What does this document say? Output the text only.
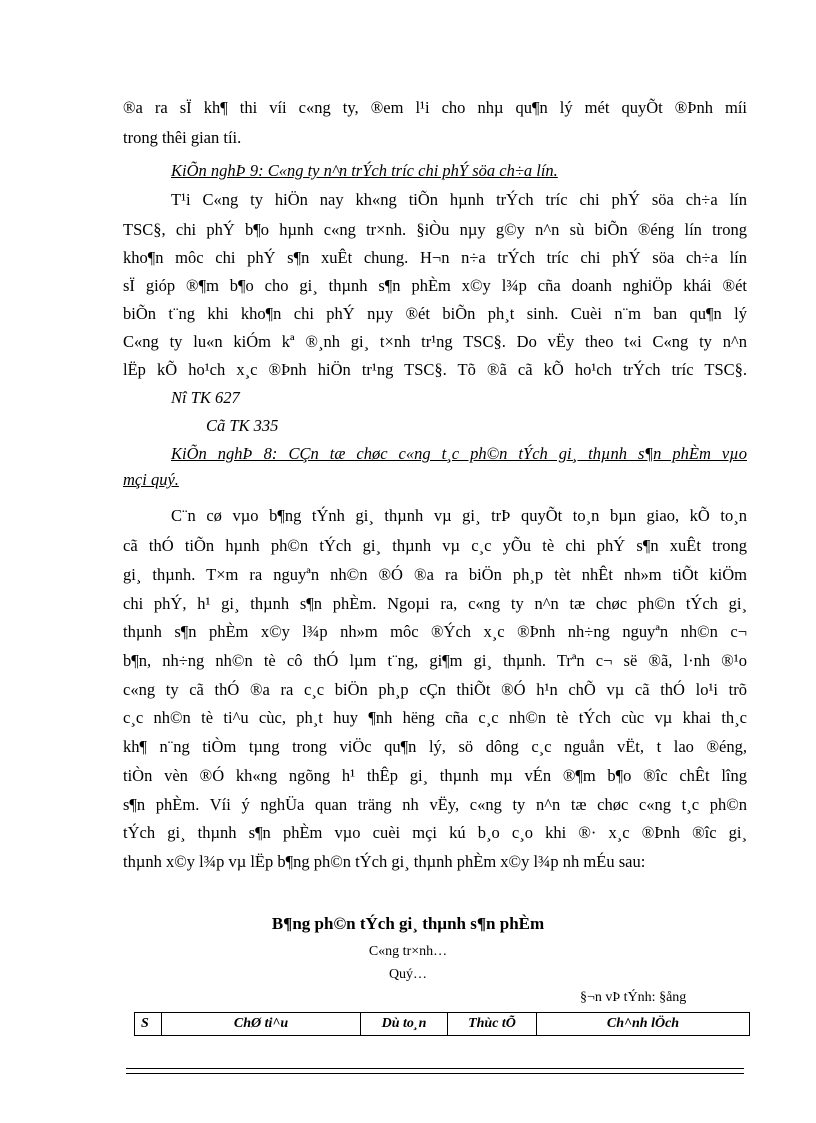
®a ra sÏ kh¶ thi víi c«ng ty, ®em l¹i cho nhµ qu¶n lý mét quyÕt ®Þnh míi
trong thêi gian tíi.
KiÕn nghÞ 9: C«ng ty n^n trÝch tríc chi phÝ söa ch÷a lín.
T¹i C«ng ty hiÖn nay kh«ng tiÕn hµnh trÝch tríc chi phÝ söa ch÷a lín
TSC§, chi phÝ b¶o hµnh c«ng tr×nh. §iÒu nµy g©y n^n sù biÕn ®éng lín trong
kho¶n môc chi phÝ s¶n xuÊt chung. H¬n n÷a trÝch tríc chi phÝ söa ch÷a lín
sÏ gióp ®¶m b¶o cho gi¸ thµnh s¶n phÈm x©y l¾p cña doanh nghiÖp khái ®ét
biÕn t¨ng khi kho¶n chi phÝ nµy ®ét biÕn ph¸t sinh. Cuèi n¨m ban qu¶n lý
C«ng ty lu«n kiÓm kª ®¸nh gi¸ t×nh tr¹ng TSC§. Do vËy theo t«i C«ng ty n^n
lËp kÕ ho¹ch x¸c ®Þnh hiÖn tr¹ng TSC§. Tõ ®ã cã kÕ ho¹ch trÝch tríc TSC§.
Nî TK 627
Cã TK 335
KiÕn nghÞ 8: CÇn tæ chøc c«ng t¸c ph©n tÝch gi¸ thµnh s¶n phÈm vµo
mçi quý.
C¨n cø vµo b¶ng tÝnh gi¸ thµnh vµ gi¸ trÞ quyÕt to¸n bµn giao, kÕ to¸n
cã thÓ tiÕn hµnh ph©n tÝch gi¸ thµnh vµ c¸c yÕu tè chi phÝ s¶n xuÊt trong
gi¸ thµnh. T×m ra nguyªn nh©n ®Ó ®a ra biÖn ph¸p tèt nhÊt nh»m tiÕt kiÖm
chi phÝ, h¹ gi¸ thµnh s¶n phÈm. Ngoµi ra, c«ng ty n^n tæ chøc ph©n tÝch gi¸
thµnh s¶n phÈm x©y l¾p nh»m môc ®Ých x¸c ®Þnh nh÷ng nguyªn nh©n c¬
b¶n, nh÷ng nh©n tè cô thÓ lµm t¨ng, gi¶m gi¸ thµnh. Trªn c¬ së ®ã, l·nh ®¹o
c«ng ty cã thÓ ®a ra c¸c biÖn ph¸p cÇn thiÕt ®Ó h¹n chÕ vµ cã thÓ lo¹i trõ
c¸c nh©n tè ti^u cùc, ph¸t huy ¶nh hëng cña c¸c nh©n tè tÝch cùc vµ khai th¸c
kh¶ n¨ng tiÒm tµng trong viÖc qu¶n lý, sö dông c¸c nguån vËt, t lao ®éng,
tiÒn vèn ®Ó kh«ng ngõng h¹ thÊp gi¸ thµnh mµ vÉn ®¶m b¶o ®îc chÊt lîng
s¶n phÈm. Víi ý nghÜa quan träng nh vËy, c«ng ty n^n tæ chøc c«ng t¸c ph©n
tÝch gi¸ thµnh s¶n phÈm vµo cuèi mçi kú b¸o c¸o khi ®· x¸c ®Þnh ®îc gi¸
thµnh x©y l¾p vµ lËp b¶ng ph©n tÝch gi¸ thµnh phÈm x©y l¾p nh mÉu sau:
B¶ng ph©n tÝch gi¸ thµnh s¶n phÈm
C«ng tr×nh…
Quý…
§¬n vÞ tÝnh: §ång
S	ChØ ti^u	Dù to¸n	Thùc tÕ	Ch^nh lÖch
